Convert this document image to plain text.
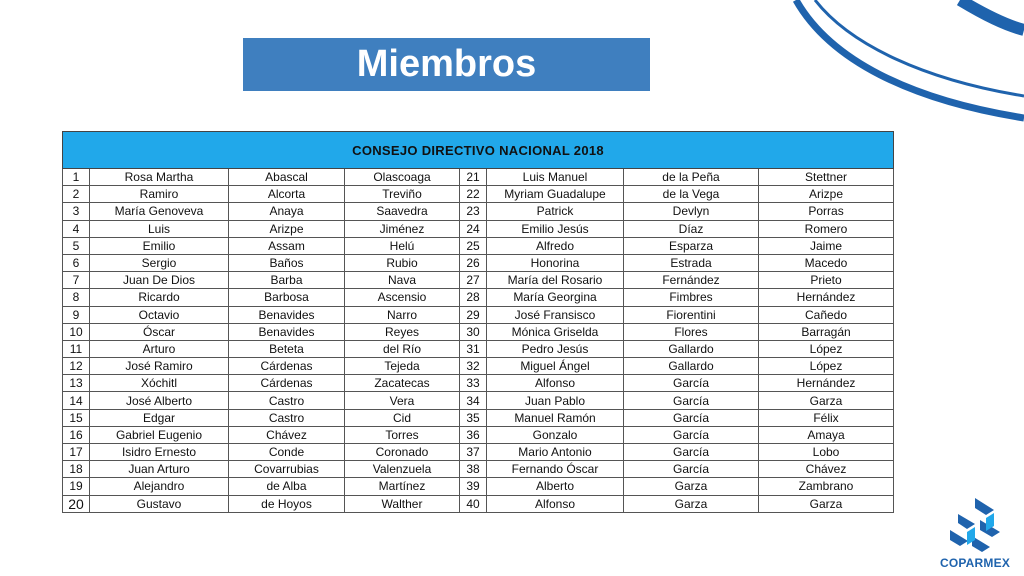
Miembros
CONSEJO DIRECTIVO NACIONAL 2018							
1	Rosa Martha	Abascal	Olascoaga	21	Luis Manuel	de la Peña	Stettner
2	Ramiro	Alcorta	Treviño	22	Myriam Guadalupe	de la Vega	Arizpe
3	María Genoveva	Anaya	Saavedra	23	Patrick	Devlyn	Porras
4	Luis	Arizpe	Jiménez	24	Emilio Jesús	Díaz	Romero
5	Emilio	Assam	Helú	25	Alfredo	Esparza	Jaime
6	Sergio	Baños	Rubio	26	Honorina	Estrada	Macedo
7	Juan De Dios	Barba	Nava	27	María del Rosario	Fernández	Prieto
8	Ricardo	Barbosa	Ascensio	28	María Georgina	Fimbres	Hernández
9	Octavio	Benavides	Narro	29	José Fransisco	Fiorentini	Cañedo
10	Óscar	Benavides	Reyes	30	Mónica Griselda	Flores	Barragán
11	Arturo	Beteta	del Río	31	Pedro Jesús	Gallardo	López
12	José Ramiro	Cárdenas	Tejeda	32	Miguel Ángel	Gallardo	López
13	Xóchitl	Cárdenas	Zacatecas	33	Alfonso	García	Hernández
14	José Alberto	Castro	Vera	34	Juan Pablo	García	Garza
15	Edgar	Castro	Cid	35	Manuel Ramón	García	Félix
16	Gabriel Eugenio	Chávez	Torres	36	Gonzalo	García	Amaya
17	Isidro Ernesto	Conde	Coronado	37	Mario Antonio	García	Lobo
18	Juan Arturo	Covarrubias	Valenzuela	38	Fernando Óscar	García	Chávez
19	Alejandro	de Alba	Martínez	39	Alberto	Garza	Zambrano
20	Gustavo	de Hoyos	Walther	40	Alfonso	Garza	Garza
COPARMEX
